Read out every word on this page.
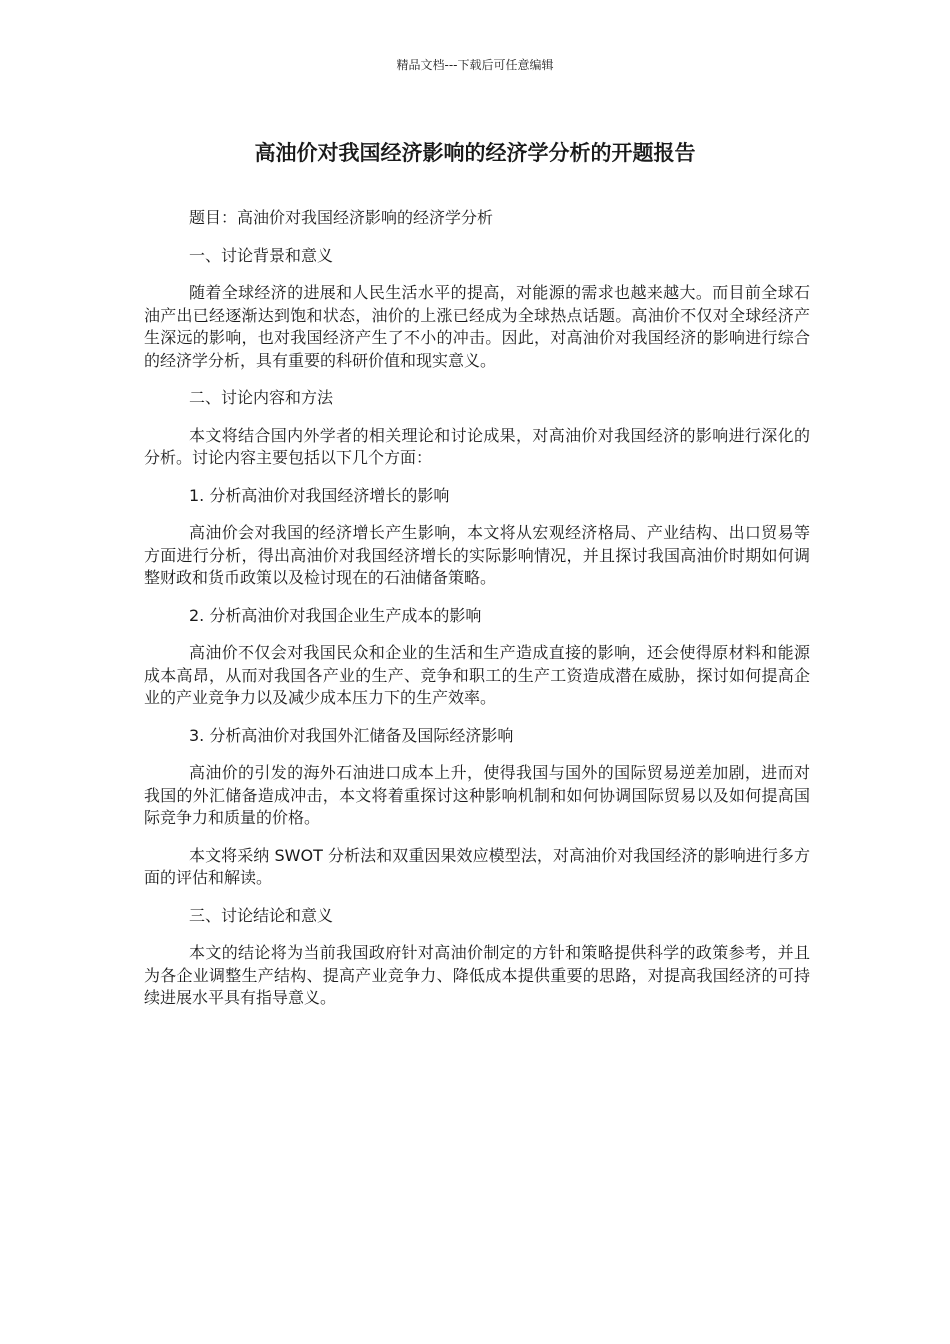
精品文档---下载后可任意编辑
高油价对我国经济影响的经济学分析的开题报告

题目：高油价对我国经济影响的经济学分析

一、讨论背景和意义

随着全球经济的进展和人民生活水平的提高，对能源的需求也越来越大。而目前全球石油产出已经逐渐达到饱和状态，油价的上涨已经成为全球热点话题。高油价不仅对全球经济产生深远的影响，也对我国经济产生了不小的冲击。因此，对高油价对我国经济的影响进行综合的经济学分析，具有重要的科研价值和现实意义。

二、讨论内容和方法

本文将结合国内外学者的相关理论和讨论成果，对高油价对我国经济的影响进行深化的分析。讨论内容主要包括以下几个方面：

1. 分析高油价对我国经济增长的影响

高油价会对我国的经济增长产生影响，本文将从宏观经济格局、产业结构、出口贸易等方面进行分析，得出高油价对我国经济增长的实际影响情况，并且探讨我国高油价时期如何调整财政和货币政策以及检讨现在的石油储备策略。

2. 分析高油价对我国企业生产成本的影响

高油价不仅会对我国民众和企业的生活和生产造成直接的影响，还会使得原材料和能源成本高昂，从而对我国各产业的生产、竞争和职工的生产工资造成潜在威胁，探讨如何提高企业的产业竞争力以及减少成本压力下的生产效率。

3. 分析高油价对我国外汇储备及国际经济影响

高油价的引发的海外石油进口成本上升，使得我国与国外的国际贸易逆差加剧，进而对我国的外汇储备造成冲击，本文将着重探讨这种影响机制和如何协调国际贸易以及如何提高国际竞争力和质量的价格。

本文将采纳 SWOT 分析法和双重因果效应模型法，对高油价对我国经济的影响进行多方面的评估和解读。

三、讨论结论和意义

本文的结论将为当前我国政府针对高油价制定的方针和策略提供科学的政策参考，并且为各企业调整生产结构、提高产业竞争力、降低成本提供重要的思路，对提高我国经济的可持续进展水平具有指导意义。
